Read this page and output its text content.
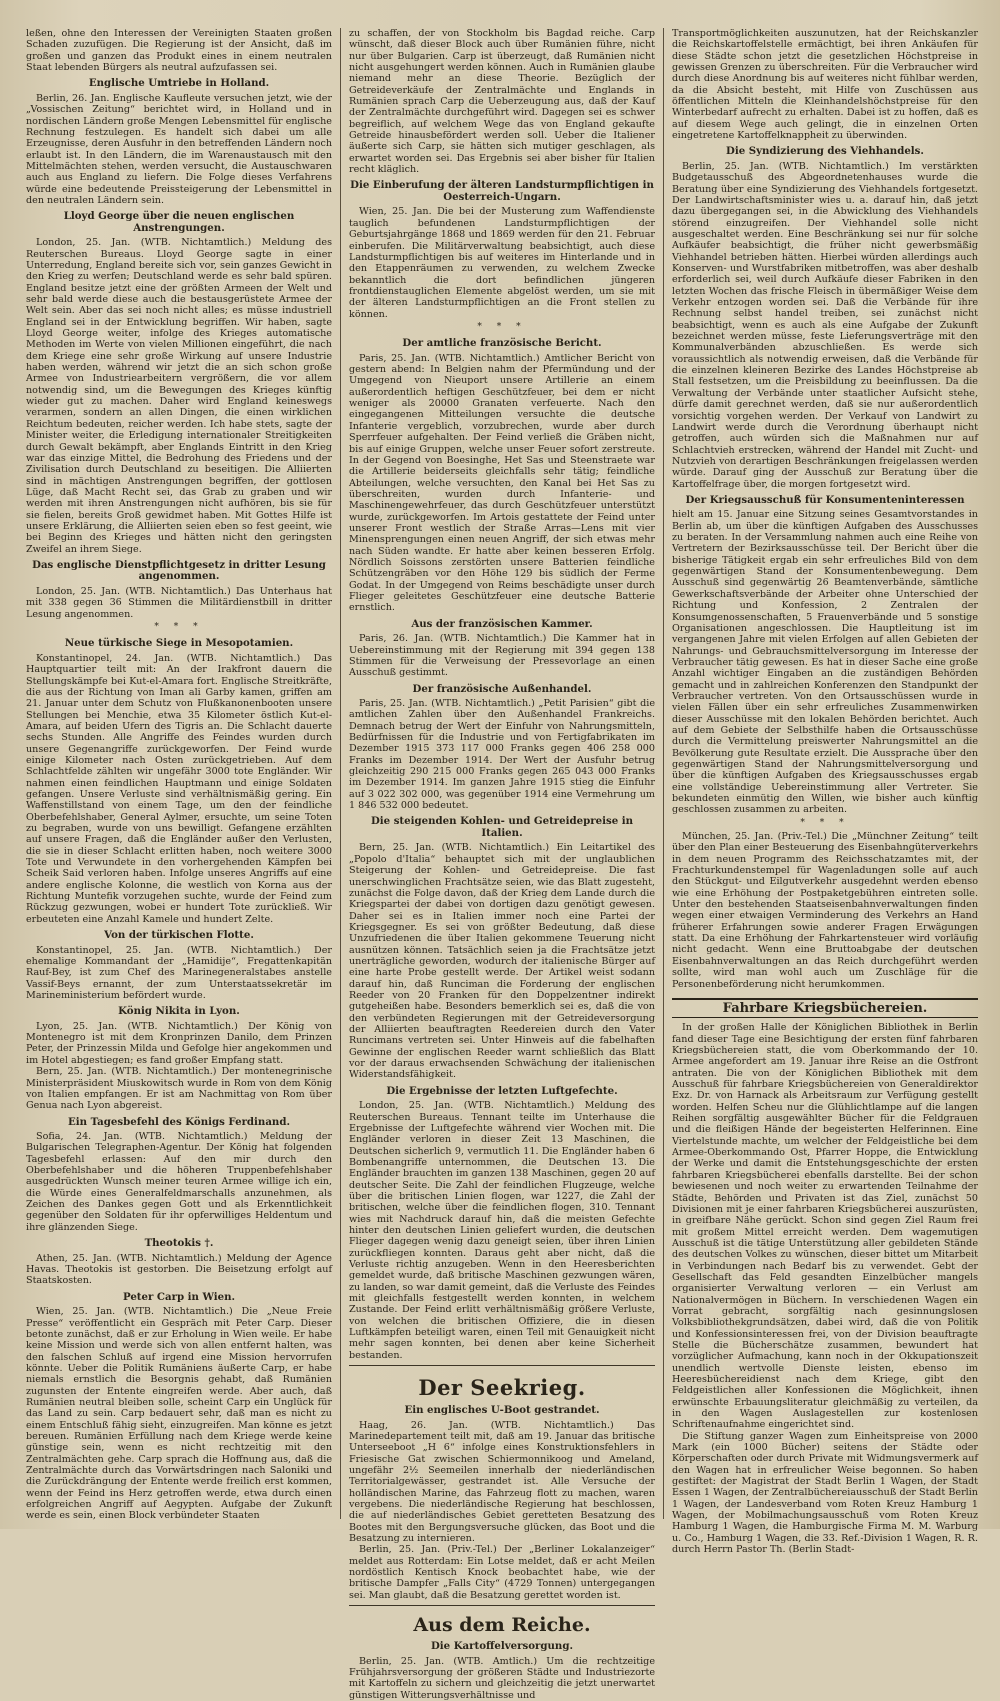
leßen, ohne den Interessen der Vereinigten Staaten großen Schaden zuzufügen. Die Regierung ist der Ansicht, daß im großen und ganzen das Produkt eines in einem neutralen Staat lebenden Bürgers als neutral aufzufassen sei.

Englische Umtriebe in Holland.

Berlin, 26. Jan. Englische Kaufleute versuchen jetzt, wie der „Vossischen Zeitung“ berichtet wird, in Holland und in nordischen Ländern große Mengen Lebensmittel für englische Rechnung festzulegen. Es handelt sich dabei um alle Erzeugnisse, deren Ausfuhr in den betreffenden Ländern noch erlaubt ist. In den Ländern, die im Warenaustausch mit den Mittelmächten stehen, werden versucht, die Austauschwaren auch aus England zu liefern. Die Folge dieses Verfahrens würde eine bedeutende Preissteigerung der Lebensmittel in den neutralen Ländern sein.

Lloyd George über die neuen englischen Anstrengungen.

London, 25. Jan. (WTB. Nichtamtlich.) Meldung des Reuterschen Bureaus. Lloyd George sagte in einer Unterredung, England bereite sich vor, sein ganzes Gewicht in den Krieg zu werfen; Deutschland werde es sehr bald spüren. England besitze jetzt eine der größten Armeen der Welt und sehr bald werde diese auch die bestausgerüstete Armee der Welt sein. Aber das sei noch nicht alles; es müsse industriell England sei in der Entwicklung begriffen. Wir haben, sagte Lloyd George weiter, infolge des Krieges automatische Methoden im Werte von vielen Millionen eingeführt, die nach dem Kriege eine sehr große Wirkung auf unsere Industrie haben werden, während wir jetzt die an sich schon große Armee von Industriearbeitern vergrößern, die vor allem notwendig sind, um die Bewegungen des Krieges künftig wieder gut zu machen. Daher wird England keineswegs verarmen, sondern an allen Dingen, die einen wirklichen Reichtum bedeuten, reicher werden. Ich habe stets, sagte der Minister weiter, die Erledigung internationaler Streitigkeiten durch Gewalt bekämpft, aber Englands Eintritt in den Krieg war das einzige Mittel, die Bedrohung des Friedens und der Zivilisation durch Deutschland zu beseitigen. Die Alliierten sind in mächtigen Anstrengungen begriffen, der gottlosen Lüge, daß Macht Recht sei, das Grab zu graben und wir werden mit ihren Anstrengungen nicht aufhören, bis sie für sie fielen, bereits Groß gewidmet haben. Mit Gottes Hilfe ist unsere Erklärung, die Alliierten seien eben so fest geeint, wie bei Beginn des Krieges und hätten nicht den geringsten Zweifel an ihrem Siege.

Das englische Dienstpflichtgesetz in dritter Lesung angenommen.

London, 25. Jan. (WTB. Nichtamtlich.) Das Unterhaus hat mit 338 gegen 36 Stimmen die Militärdienstbill in dritter Lesung angenommen.

* * *
Neue türkische Siege in Mesopotamien.

Konstantinopel, 24. Jan. (WTB. Nichtamtlich.) Das Hauptquartier teilt mit: An der Irakfront dauern die Stellungskämpfe bei Kut-el-Amara fort. Englische Streitkräfte, die aus der Richtung von Iman ali Garby kamen, griffen am 21. Januar unter dem Schutz von Flußkanonenbooten unsere Stellungen bei Menchie, etwa 35 Kilometer östlich Kut-el-Amara, auf beiden Ufern des Tigris an. Die Schlacht dauerte sechs Stunden. Alle Angriffe des Feindes wurden durch unsere Gegenangriffe zurückgeworfen. Der Feind wurde einige Kilometer nach Osten zurückgetrieben. Auf dem Schlachtfelde zählten wir ungefähr 3000 tote Engländer. Wir nahmen einen feindlichen Hauptmann und einige Soldaten gefangen. Unsere Verluste sind verhältnismäßig gering. Ein Waffenstillstand von einem Tage, um den der feindliche Oberbefehlshaber, General Aylmer, ersuchte, um seine Toten zu begraben, wurde von uns bewilligt. Gefangene erzählten auf unsere Fragen, daß die Engländer außer den Verlusten, die sie in dieser Schlacht erlitten haben, noch weitere 3000 Tote und Verwundete in den vorhergehenden Kämpfen bei Scheik Said verloren haben. Infolge unseres Angriffs auf eine andere englische Kolonne, die westlich von Korna aus der Richtung Muntefik vorzugehen suchte, wurde der Feind zum Rückzug gezwungen, wobei er hundert Tote zurückließ. Wir erbeuteten eine Anzahl Kamele und hundert Zelte.

Von der türkischen Flotte.

Konstantinopel, 25. Jan. (WTB. Nichtamtlich.) Der ehemalige Kommandant der „Hamidije“, Fregattenkapitän Rauf-Bey, ist zum Chef des Marinegeneralstabes anstelle Vassif-Beys ernannt, der zum Unterstaatssekretär im Marineministerium befördert wurde.

König Nikita in Lyon.

Lyon, 25. Jan. (WTB. Nichtamtlich.) Der König von Montenegro ist mit dem Kronprinzen Danilo, dem Prinzen Peter, der Prinzessin Milda und Gefolge hier angekommen und im Hotel abgestiegen; es fand großer Empfang statt.

Bern, 25. Jan. (WTB. Nichtamtlich.) Der montenegrinische Ministerpräsident Miuskowitsch wurde in Rom von dem König von Italien empfangen. Er ist am Nachmittag von Rom über Genua nach Lyon abgereist.

Ein Tagesbefehl des Königs Ferdinand.

Sofia, 24. Jan. (WTB. Nichtamtlich.) Meldung der Bulgarischen Telegraphen-Agentur. Der König hat folgenden Tagesbefehl erlassen: Auf den mir durch den Oberbefehlshaber und die höheren Truppenbefehlshaber ausgedrückten Wunsch meiner teuren Armee willige ich ein, die Würde eines Generalfeldmarschalls anzunehmen, als Zeichen des Dankes gegen Gott und als Erkenntlichkeit gegenüber den Soldaten für ihr opferwilliges Heldentum und ihre glänzenden Siege.

Theotokis †.

Athen, 25. Jan. (WTB. Nichtamtlich.) Meldung der Agence Havas. Theotokis ist gestorben. Die Beisetzung erfolgt auf Staatskosten.

Peter Carp in Wien.

Wien, 25. Jan. (WTB. Nichtamtlich.) Die „Neue Freie Presse“ veröffentlicht ein Gespräch mit Peter Carp. Dieser betonte zunächst, daß er zur Erholung in Wien weile. Er habe keine Mission und werde sich von allen entfernt halten, was den falschen Schluß auf irgend eine Mission hervorrufen könnte. Ueber die Politik Rumäniens äußerte Carp, er habe niemals ernstlich die Besorgnis gehabt, daß Rumänien zugunsten der Entente eingreifen werde. Aber auch, daß Rumänien neutral bleiben solle, scheint Carp ein Unglück für das Land zu sein. Carp bedauert sehr, daß man es nicht zu einem Entschluß fähig sieht, einzugreifen. Man könne es jetzt bereuen. Rumänien Erfüllung nach dem Kriege werde keine günstige sein, wenn es nicht rechtzeitig mit den Zentralmächten gehe. Carp sprach die Hoffnung aus, daß die Zentralmächte durch das Vorwärtsdringen nach Saloniki und die Zurückdrängung der Entente werde freilich erst kommen, wenn der Feind ins Herz getroffen werde, etwa durch einen erfolgreichen Angriff auf Aegypten. Aufgabe der Zukunft werde es sein, einen Block verbündeter Staaten

zu schaffen, der von Stockholm bis Bagdad reiche. Carp wünscht, daß dieser Block auch über Rumänien führe, nicht nur über Bulgarien. Carp ist überzeugt, daß Rumänien nicht nicht ausgehungert werden können. Auch in Rumänien glaube niemand mehr an diese Theorie. Bezüglich der Getreideverkäufe der Zentralmächte und Englands in Rumänien sprach Carp die Ueberzeugung aus, daß der Kauf der Zentralmächte durchgeführt wird. Dagegen sei es schwer begreiflich, auf welchem Wege das von England gekaufte Getreide hinausbefördert werden soll. Ueber die Italiener äußerte sich Carp, sie hätten sich mutiger geschlagen, als erwartet worden sei. Das Ergebnis sei aber bisher für Italien recht kläglich.

Die Einberufung der älteren Landsturmpflichtigen in Oesterreich-Ungarn.

Wien, 25. Jan. Die bei der Musterung zum Waffendienste tauglich befundenen Landsturmpflichtigen der Geburtsjahrgänge 1868 und 1869 werden für den 21. Februar einberufen. Die Militärverwaltung beabsichtigt, auch diese Landsturmpflichtigen bis auf weiteres im Hinterlande und in den Etappenräumen zu verwenden, zu welchem Zwecke bekanntlich die dort befindlichen jüngeren frontdienstauglichen Elemente abgelöst werden, um sie mit der älteren Landsturmpflichtigen an die Front stellen zu können.

* * *
Der amtliche französische Bericht.

Paris, 25. Jan. (WTB. Nichtamtlich.) Amtlicher Bericht von gestern abend: In Belgien nahm der Pfermündung und der Umgegend von Nieuport unsere Artillerie an einem außerordentlich heftigen Geschützfeuer, bei dem er nicht weniger als 20000 Granaten verfeuerte. Nach den eingegangenen Mitteilungen versuchte die deutsche Infanterie vergeblich, vorzubrechen, wurde aber durch Sperrfeuer aufgehalten. Der Feind verließ die Gräben nicht, bis auf einige Gruppen, welche unser Feuer sofort zerstreute. In der Gegend von Boesinghe, Het Sas und Steenstraete war die Artillerie beiderseits gleichfalls sehr tätig; feindliche Abteilungen, welche versuchten, den Kanal bei Het Sas zu überschreiten, wurden durch Infanterie- und Maschinengewehrfeuer, das durch Geschützfeuer unterstützt wurde, zurückgeworfen. Im Artois gestattete der Feind unter unserer Front westlich der Straße Arras—Lens mit vier Minensprengungen einen neuen Angriff, der sich etwas mehr nach Süden wandte. Er hatte aber keinen besseren Erfolg. Nördlich Soissons zerstörten unsere Batterien feindliche Schützengräben vor den Höhe 129 bis südlich der Ferme Godat. In der Umgegend von Reims beschädigte unser durch Flieger geleitetes Geschützfeuer eine deutsche Batterie ernstlich.

Aus der französischen Kammer.

Paris, 26. Jan. (WTB. Nichtamtlich.) Die Kammer hat in Uebereinstimmung mit der Regierung mit 394 gegen 138 Stimmen für die Verweisung der Pressevorlage an einen Ausschuß gestimmt.

Der französische Außenhandel.

Paris, 25. Jan. (WTB. Nichtamtlich.) „Petit Parisien“ gibt die amtlichen Zahlen über den Außenhandel Frankreichs. Demnach betrug der Wert der Einfuhr von Nahrungsmitteln, Bedürfnissen für die Industrie und von Fertigfabrikaten im Dezember 1915 373 117 000 Franks gegen 406 258 000 Franks im Dezember 1914. Der Wert der Ausfuhr betrug gleichzeitig 290 215 000 Franks gegen 265 043 000 Franks im Dezember 1914. Im ganzen Jahre 1915 stieg die Einfuhr auf 3 022 302 000, was gegenüber 1914 eine Vermehrung um 1 846 532 000 bedeutet.

Die steigenden Kohlen- und Getreidepreise in Italien.

Bern, 25. Jan. (WTB. Nichtamtlich.) Ein Leitartikel des „Popolo d'Italia“ behauptet sich mit der unglaublichen Steigerung der Kohlen- und Getreidepreise. Die fast unerschwinglichen Frachtsätze seien, wie das Blatt zugesteht, zunächst die Folge davon, daß der Krieg dem Lande durch die Kriegspartei der dabei von dortigen dazu genötigt gewesen. Daher sei es in Italien immer noch eine Partei der Kriegsgegner. Es sei von größter Bedeutung, daß diese Unzufriedenen die über Italien gekommene Teuerung nicht ausnützen können. Tatsächlich seien ja die Frachtsätze jetzt unerträgliche geworden, wodurch der italienische Bürger auf eine harte Probe gestellt werde. Der Artikel weist sodann darauf hin, daß Runciman die Forderung der englischen Reeder von 20 Franken für den Doppelzentner indirekt gutgeheißen habe. Besonders bemerklich sei es, daß die von den verbündeten Regierungen mit der Getreideversorgung der Alliierten beauftragten Reedereien durch den Vater Runcimans vertreten sei. Unter Hinweis auf die fabelhaften Gewinne der englischen Reeder warnt schließlich das Blatt vor der daraus erwachsenden Schwächung der italienischen Widerstandsfähigkeit.

Die Ergebnisse der letzten Luftgefechte.

London, 25. Jan. (WTB. Nichtamtlich.) Meldung des Reuterschen Bureaus. Tennant teilte im Unterhause die Ergebnisse der Luftgefechte während vier Wochen mit. Die Engländer verloren in dieser Zeit 13 Maschinen, die Deutschen sicherlich 9, vermutlich 11. Die Engländer haben 6 Bombenangriffe unternommen, die Deutschen 13. Die Engländer brauchten im ganzen 138 Maschinen, gegen 20 auf deutscher Seite. Die Zahl der feindlichen Flugzeuge, welche über die britischen Linien flogen, war 1227, die Zahl der britischen, welche über die feindlichen flogen, 310. Tennant wies mit Nachdruck darauf hin, daß die meisten Gefechte hinter den deutschen Linien geliefert wurden, die deutschen Flieger dagegen wenig dazu geneigt seien, über ihren Linien zurückfliegen konnten. Daraus geht aber nicht, daß die Verluste richtig anzugeben. Wenn in den Heeresberichten gemeldet wurde, daß britische Maschinen gezwungen wären, zu landen, so war damit gemeint, daß die Verluste des Feindes mit gleichfalls festgestellt werden konnten, in welchem Zustande. Der Feind erlitt verhältnismäßig größere Verluste, von welchen die britischen Offiziere, die in diesen Luftkämpfen beteiligt waren, einen Teil mit Genauigkeit nicht mehr sagen konnten, bei denen aber keine Sicherheit bestanden.

Der Seekrieg.
Ein englisches U-Boot gestrandet.

Haag, 26. Jan. (WTB. Nichtamtlich.) Das Marinedepartement teilt mit, daß am 19. Januar das britische Unterseeboot „H 6“ infolge eines Konstruktionsfehlers in Friesische Gat zwischen Schiermonnikoog und Ameland, ungefähr 2½ Seemeilen innerhalb der niederländischen Territorialgewässer, gestrandet ist. Alle Versuche der holländischen Marine, das Fahrzeug flott zu machen, waren vergebens. Die niederländische Regierung hat beschlossen, die auf niederländisches Gebiet geretteten Besatzung des Bootes mit den Bergungsversuche glücken, das Boot und die Besatzung zu internieren.

Berlin, 25. Jan. (Priv.-Tel.) Der „Berliner Lokalanzeiger“ meldet aus Rotterdam: Ein Lotse meldet, daß er acht Meilen nordöstlich Kentisch Knock beobachtet habe, wie der britische Dampfer „Falls City“ (4729 Tonnen) untergegangen sei. Man glaubt, daß die Besatzung gerettet worden ist.

Aus dem Reiche.
Die Kartoffelversorgung.

Berlin, 25. Jan. (WTB. Amtlich.) Um die rechtzeitige Frühjahrsversorgung der größeren Städte und Industriezorte mit Kartoffeln zu sichern und gleichzeitig die jetzt unerwartet günstigen Witterungsverhältnisse und

Transportmöglichkeiten auszunutzen, hat der Reichskanzler die Reichskartoffelstelle ermächtigt, bei ihren Ankäufen für diese Städte schon jetzt die gesetzlichen Höchstpreise in gewissen Grenzen zu überschreiten. Für die Verbraucher wird durch diese Anordnung bis auf weiteres nicht fühlbar werden, da die Absicht besteht, mit Hilfe von Zuschüssen aus öffentlichen Mitteln die Kleinhandelshöchstpreise für den Winterbedarf aufrecht zu erhalten. Dabei ist zu hoffen, daß es auf diesem Wege auch gelingt, die in einzelnen Orten eingetretene Kartoffelknappheit zu überwinden.

Die Syndizierung des Viehhandels.

Berlin, 25. Jan. (WTB. Nichtamtlich.) Im verstärkten Budgetausschuß des Abgeordnetenhauses wurde die Beratung über eine Syndizierung des Viehhandels fortgesetzt. Der Landwirtschaftsminister wies u. a. darauf hin, daß jetzt dazu übergegangen sei, in die Abwicklung des Viehhandels störend einzugreifen. Der Viehhandel solle nicht ausgeschaltet werden. Eine Beschränkung sei nur für solche Aufkäufer beabsichtigt, die früher nicht gewerbsmäßig Viehhandel betrieben hätten. Hierbei würden allerdings auch Konserven- und Wurstfabriken mitbetroffen, was aber deshalb erforderlich sei, weil durch Aufkäufe dieser Fabriken in den letzten Wochen das frische Fleisch in übermäßiger Weise dem Verkehr entzogen worden sei. Daß die Verbände für ihre Rechnung selbst handel treiben, sei zunächst nicht beabsichtigt, wenn es auch als eine Aufgabe der Zukunft bezeichnet werden müsse, feste Lieferungsverträge mit den Kommunalverbänden abzuschließen. Es werde sich voraussichtlich als notwendig erweisen, daß die Verbände für die einzelnen kleineren Bezirke des Landes Höchstpreise ab Stall festsetzen, um die Preisbildung zu beeinflussen. Da die Verwaltung der Verbände unter staatlicher Aufsicht stehe, dürfe damit gerechnet werden, daß sie nur außerordentlich vorsichtig vorgehen werden. Der Verkauf von Landwirt zu Landwirt werde durch die Verordnung überhaupt nicht getroffen, auch würden sich die Maßnahmen nur auf Schlachtvieh erstrecken, während der Handel mit Zucht- und Nutzvieh von derartigen Beschränkungen freigelassen werden würde. Darauf ging der Ausschuß zur Beratung über die Kartoffelfrage über, die morgen fortgesetzt wird.

Der Kriegsausschuß für Konsumenteninteressen

hielt am 15. Januar eine Sitzung seines Gesamtvorstandes in Berlin ab, um über die künftigen Aufgaben des Ausschusses zu beraten. In der Versammlung nahmen auch eine Reihe von Vertretern der Bezirksausschüsse teil. Der Bericht über die bisherige Tätigkeit ergab ein sehr erfreuliches Bild von dem gegenwärtigen Stand der Konsumentenbewegung. Dem Ausschuß sind gegenwärtig 26 Beamtenverbände, sämtliche Gewerkschaftsverbände der Arbeiter ohne Unterschied der Richtung und Konfession, 2 Zentralen der Konsumgenossenschaften, 5 Frauenverbände und 5 sonstige Organisationen angeschlossen. Die Hauptleitung ist im vergangenen Jahre mit vielen Erfolgen auf allen Gebieten der Nahrungs- und Gebrauchsmittelversorgung im Interesse der Verbraucher tätig gewesen. Es hat in dieser Sache eine große Anzahl wichtiger Eingaben an die zuständigen Behörden gemacht und in zahlreichen Konferenzen den Standpunkt der Verbraucher vertreten. Von den Ortsausschüssen wurde in vielen Fällen über ein sehr erfreuliches Zusammenwirken dieser Ausschüsse mit den lokalen Behörden berichtet. Auch auf dem Gebiete der Selbsthilfe haben die Ortsausschüsse durch die Vermittelung preiswerter Nahrungsmittel an die Bevölkerung gute Resultate erzielt. Die Aussprache über den gegenwärtigen Stand der Nahrungsmittelversorgung und über die künftigen Aufgaben des Kriegsausschusses ergab eine vollständige Uebereinstimmung aller Vertreter. Sie bekundeten einmütig den Willen, wie bisher auch künftig geschlossen zusammen zu arbeiten.

* * *

München, 25. Jan. (Priv.-Tel.) Die „Münchner Zeitung“ teilt über den Plan einer Besteuerung des Eisenbahngüterverkehrs in dem neuen Programm des Reichsschatzamtes mit, der Frachturkundenstempel für Wagenladungen solle auf auch den Stückgut- und Eilgutverkehr ausgedehnt werden ebenso wie eine Erhöhung der Postpaketgebühren eintreten solle. Unter den bestehenden Staatseisenbahnverwaltungen finden wegen einer etwaigen Verminderung des Verkehrs an Hand früherer Erfahrungen sowie anderer Fragen Erwägungen statt. Da eine Erhöhung der Fahrkartensteuer wird vorläufig nicht gedacht. Wenn eine Bruttoabgabe der deutschen Eisenbahnverwaltungen an das Reich durchgeführt werden sollte, wird man wohl auch um Zuschläge für die Personenbeförderung nicht herumkommen.

Fahrbare Kriegsbüchereien.

In der großen Halle der Königlichen Bibliothek in Berlin fand dieser Tage eine Besichtigung der ersten fünf fahrbaren Kriegsbüchereien statt, die vom Oberkommando der 10. Armee angefordert am 19. Januar ihre Reise an die Ostfront antraten. Die von der Königlichen Bibliothek mit dem Ausschuß für fahrbare Kriegsbüchereien von Generaldirektor Exz. Dr. von Harnack als Arbeitsraum zur Verfügung gestellt worden. Helfen Scheu nur die Glühlichtlampe auf die langen Reihen sorgfältig ausgewählter Bücher für die Feldgrauen und die fleißigen Hände der begeisterten Helferinnen. Eine Viertelstunde machte, um welcher der Feldgeistliche bei dem Armee-Oberkommando Ost, Pfarrer Hoppe, die Entwicklung der Werke und damit die Entstehungsgeschichte der ersten fahrbaren Kriegsbücherei ebenfalls darstellte. Bei der schon bewiesenen und noch weiter zu erwartenden Teilnahme der Städte, Behörden und Privaten ist das Ziel, zunächst 50 Divisionen mit je einer fahrbaren Kriegsbücherei auszurüsten, in greifbare Nähe gerückt. Schon sind gegen Ziel Raum frei mit großem Mittel erreicht werden. Dem wagemutigen Ausschuß ist die tätige Unterstützung aller gebildeten Stände des deutschen Volkes zu wünschen, dieser bittet um Mitarbeit in Verbindungen nach Bedarf bis zu verwendet. Gebt der Gesellschaft das Feld gesandten Einzelbücher mangels organisierter Verwaltung verloren — ein Verlust am Nationalvermögen in Büchern. In verschiedenen Wagen ein Vorrat gebracht, sorgfältig nach gesinnungslosen Volksbibliothekgrundsätzen, dabei wird, daß die von Politik und Konfessionsinteressen frei, von der Division beauftragte Stelle die Bücherschätze zusammen, bewundert hat vorzüglicher Aufmachung, kann noch in der Okkupationszeit unendlich wertvolle Dienste leisten, ebenso im Heeresbüchereidienst nach dem Kriege, gibt den Feldgeistlichen aller Konfessionen die Möglichkeit, ihnen erwünschte Erbauungsliteratur gleichmäßig zu verteilen, da in den Wagen Auslagestellen zur kostenlosen Schriftenaufnahme eingerichtet sind.

Die Stiftung ganzer Wagen zum Einheitspreise von 2000 Mark (ein 1000 Bücher) seitens der Städte oder Körperschaften oder durch Private mit Widmungsvermerk auf den Wagen hat in erfreulicher Weise begonnen. So haben gestiftet: der Magistrat der Stadt Berlin 1 Wagen, der Stadt Essen 1 Wagen, der Zentralbüchereiausschuß der Stadt Berlin 1 Wagen, der Landesverband vom Roten Kreuz Hamburg 1 Wagen, der Mobilmachungsausschuß vom Roten Kreuz Hamburg 1 Wagen, die Hamburgische Firma M. M. Warburg u. Co., Hamburg 1 Wagen, die 33. Ref.-Division 1 Wagen, R. R. durch Herrn Pastor Th. (Berlin Stadt-
